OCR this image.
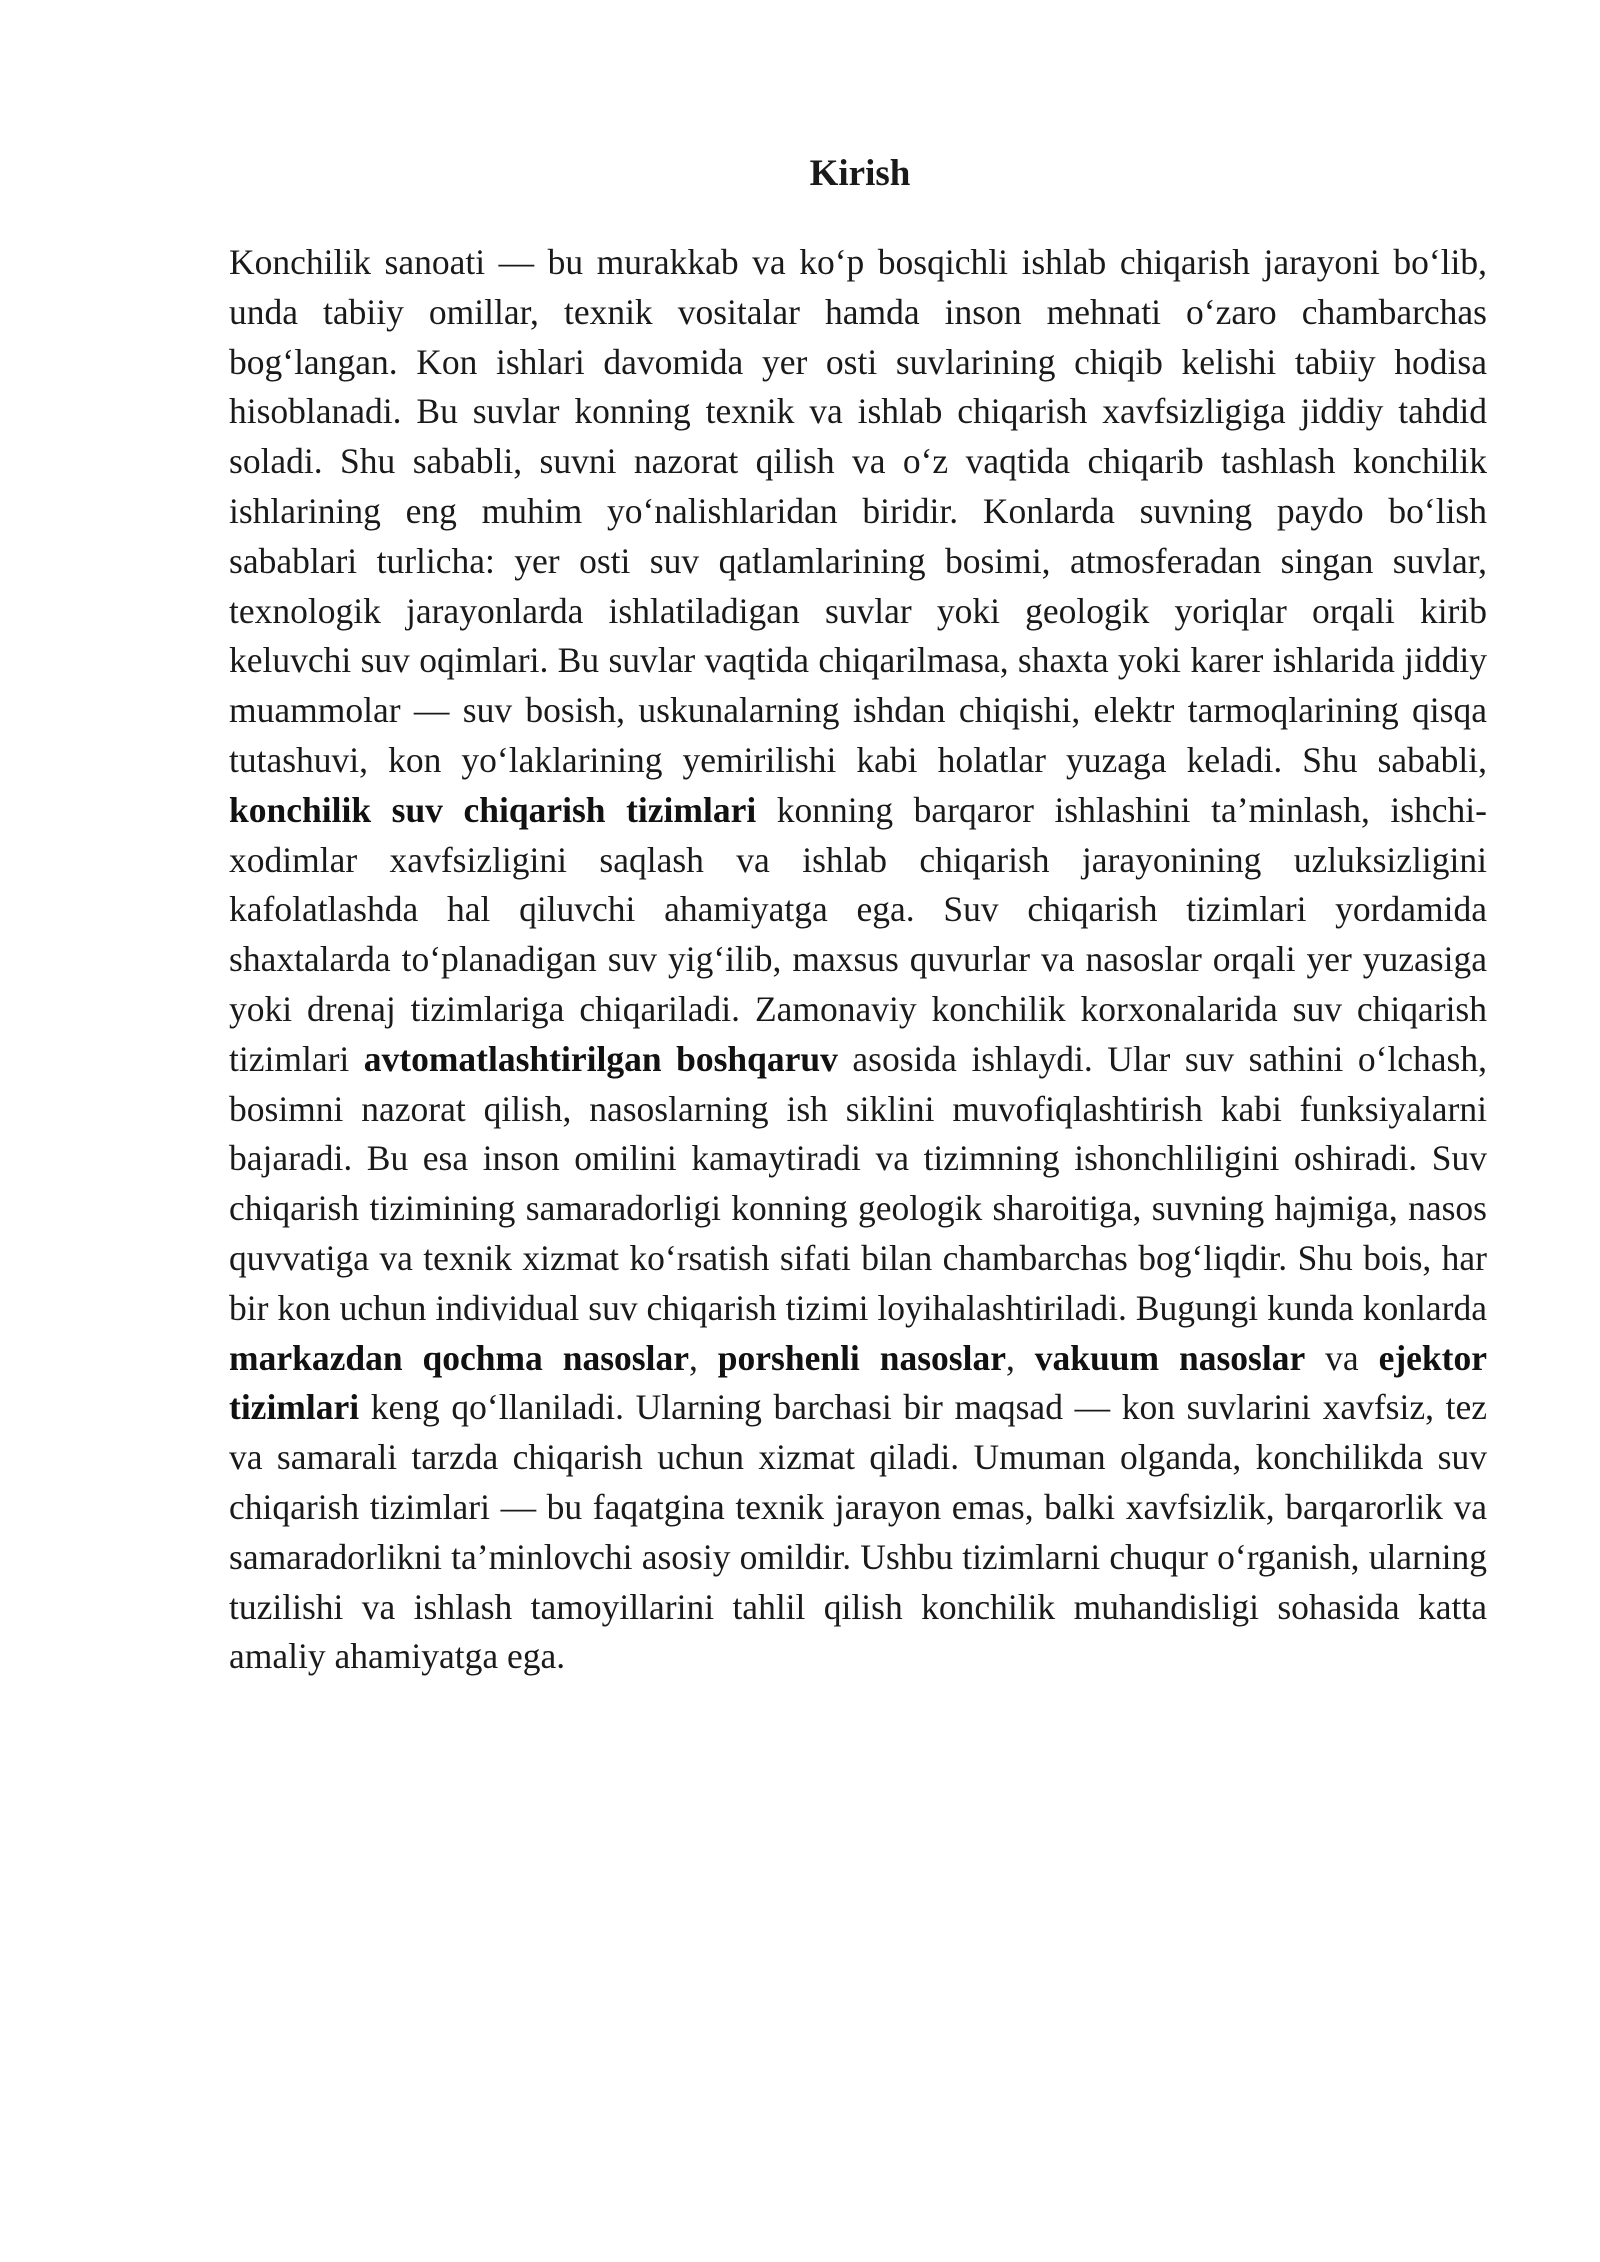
Kirish

Konchilik sanoati — bu murakkab va ko‘p bosqichli ishlab chiqarish jarayoni bo‘lib, unda tabiiy omillar, texnik vositalar hamda inson mehnati o‘zaro chambarchas bog‘langan. Kon ishlari davomida yer osti suvlarining chiqib kelishi tabiiy hodisa hisoblanadi. Bu suvlar konning texnik va ishlab chiqarish xavfsizligiga jiddiy tahdid soladi. Shu sababli, suvni nazorat qilish va o‘z vaqtida chiqarib tashlash konchilik ishlarining eng muhim yo‘nalishlaridan biridir. Konlarda suvning paydo bo‘lish sabablari turlicha: yer osti suv qatlamlarining bosimi, atmosferadan singan suvlar, texnologik jarayonlarda ishlatiladigan suvlar yoki geologik yoriqlar orqali kirib keluvchi suv oqimlari. Bu suvlar vaqtida chiqarilmasa, shaxta yoki karer ishlarida jiddiy muammolar — suv bosish, uskunalarning ishdan chiqishi, elektr tarmoqlarining qisqa tutashuvi, kon yo‘laklarining yemirilishi kabi holatlar yuzaga keladi. Shu sababli, konchilik suv chiqarish tizimlari konning barqaror ishlashini ta’minlash, ishchi-xodimlar xavfsizligini saqlash va ishlab chiqarish jarayonining uzluksizligini kafolatlashda hal qiluvchi ahamiyatga ega. Suv chiqarish tizimlari yordamida shaxtalarda to‘planadigan suv yig‘ilib, maxsus quvurlar va nasoslar orqali yer yuzasiga yoki drenaj tizimlariga chiqariladi. Zamonaviy konchilik korxonalarida suv chiqarish tizimlari avtomatlashtirilgan boshqaruv asosida ishlaydi. Ular suv sathini o‘lchash, bosimni nazorat qilish, nasoslarning ish siklini muvofiqlashtirish kabi funksiyalarni bajaradi. Bu esa inson omilini kamaytiradi va tizimning ishonchliligini oshiradi. Suv chiqarish tizimining samaradorligi konning geologik sharoitiga, suvning hajmiga, nasos quvvatiga va texnik xizmat ko‘rsatish sifati bilan chambarchas bog‘liqdir. Shu bois, har bir kon uchun individual suv chiqarish tizimi loyihalashtiriladi. Bugungi kunda konlarda markazdan qochma nasoslar, porshenli nasoslar, vakuum nasoslar va ejektor tizimlari keng qo‘llaniladi. Ularning barchasi bir maqsad — kon suvlarini xavfsiz, tez va samarali tarzda chiqarish uchun xizmat qiladi. Umuman olganda, konchilikda suv chiqarish tizimlari — bu faqatgina texnik jarayon emas, balki xavfsizlik, barqarorlik va samaradorlikni ta’minlovchi asosiy omildir. Ushbu tizimlarni chuqur o‘rganish, ularning tuzilishi va ishlash tamoyillarini tahlil qilish konchilik muhandisligi sohasida katta amaliy ahamiyatga ega.
